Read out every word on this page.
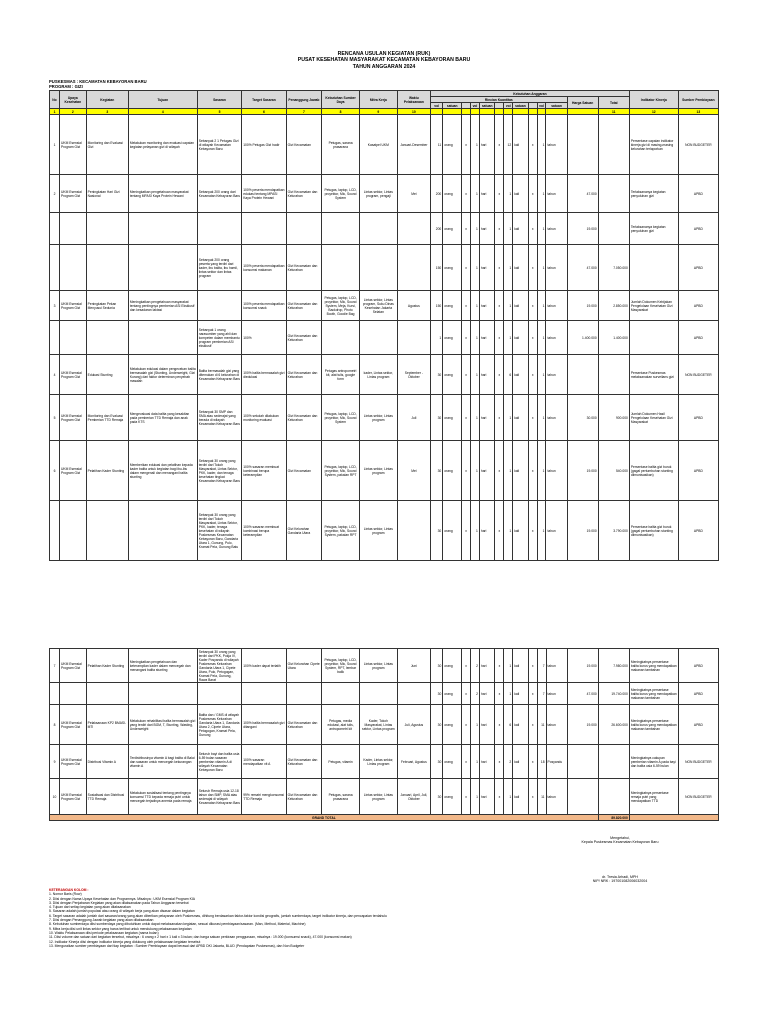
RENCANA USULAN KEGIATAN (RUK)
PUSAT KESEHATAN MASYARAKAT KECAMATAN KEBAYORAN BARU
TAHUN ANGGARAN 2024
PUSKESMAS : KECAMATAN KEBAYORAN BARU
PROGRAM : GIZI
No	Upaya Kesehatan	Kegiatan	Tujuan	Sasaran	Target Sasaran	Penanggung Jawab	Kebutuhan Sumber Daya	Mitra Kerja	Waktu Pelaksanaan	Kebutuhan Anggaran													Indikator Kinerja	Sumber Pembiayaan
										Rincian Kuantitas											Harga Satuan	Total		
										vol	satuan		vol	satuan		vol	satuan		vol	satuan				
1	2	3	4	5	6	7	8	9	10													11	12	13
1	UKM Esensial Program Gizi	Monitoring dan Evaluasi Gizi	Melakukan monitoring dan evaluasi capaian kegiatan pelayanan gizi di wilayah	Sebanyak 2 1 Petugas Gizi di wilayah Kecamatan Kebayoran Baru	100% Petugas Gizi hadir	Gizi Kecamatan	Petugas, sarana prasarana	Kasatpel UKM	Januari-Desember	11	orang	x	1	hari	x	12	kali	x	1	tahun			Persentase capaian indikator kinerja gizi di masing-masing kelurahan terlaporkan	NON BUDGETER
2	UKM Esensial Program Gizi	Peningkatan Hari Gizi Nasional	Meningkatkan pengetahuan masyarakat tentang MPASI Kaya Protein Hewani	Sebanyak 200 orang dari Kecamatan Kebayoran Baru	100% peserta mendapatkan edukasi tentang MPASI Kaya Protein Hewani	Gizi Kecamatan dan Kelurahan	Petugas, laptop, LCD, proyektor, Mic, Sound System	Lintas sektor, Lintas program, pengaji	Mei	200	orang	x	1	hari	x	1	kali	x	1	tahun	47.000		Terlaksananya kegiatan penyuluhan gizi	APBD
										200	orang	x	1	hari	x	1	kali	x	1	tahun	19.000		Terlaksananya kegiatan penyuluhan gizi	APBD
				Sebanyak 200 orang peserta yang terdiri dari kader, ibu balita, ibu hamil, lintas sektor dan lintas program	100% peserta mendapatkan konsumsi makanan	Gizi Kecamatan dan Kelurahan				150	orang	x	1	hari	x	1	kali	x	1	tahun	47.000	7.050.000		APBD
3	UKM Esensial Program Gizi	Peningkatan Pekan Menyusui Sedunia	Meningkatkan pengetahuan masyarakat tentang pentingnya pemberian ASI Eksklusif dan kesadaran laktasi		100% peserta mendapatkan konsumsi snack	Gizi Kecamatan dan Kelurahan	Petugas, laptop, LCD, proyektor, Mic, Sound System, Meja, Kursi, Backdrop, Photo Booth, Goodie Bag	Lintas sektor, Lintas program, Suku Dinas Kesehatan Jakarta Selatan	Agustus	150	orang	x	1	hari	x	1	kali	x	1	tahun	19.000	2.850.000	Jumlah Dokumen Kebijakan Pengelolaan Kesehatan Gizi Masyarakat	APBD
				Sebanyak 1 orang narasumber yang ahli dan kompeten dalam membantu program pemberian ASI eksklusif	100%	Gizi Kecamatan dan Kelurahan				1	orang	x	1	hari	x	1	kali	x	1	tahun	1.400.000	1.400.000		APBD
4	UKM Esensial Program Gizi	Edukasi Stunting	Melakukan edukasi dalam pengecekan balita bermasalah gizi (Stunting, Underweight, Gizi Kurang) dari faktor determinan penyebab masalah	Balita bermasalah gizi yang ditemukan di 6 kelurahan di Kecamatan Kebayoran Baru	100% balita bermasalah gizi diedukasi	Gizi Kecamatan dan Kelurahan	Petugas antropometri kit, alat tulis, google form	kader, Lintas sektor, Lintas program	September - Oktober	30	orang	x	1	hari	x	6	kali	x	1	tahun			Persentase Puskesmas melaksanakan surveilans gizi	NON BUDGETER
5	UKM Esensial Program Gizi	Monitoring dan Evaluasi Pemberian TTD Remaja	Mengevaluasi data balita yang kesakitan pada pemberian TTD Remaja dan anak pada KTS	Sebanyak 30 SMP dan SMA atau sederajat yang berada di wilayah Kecamatan Kebayoran Baru	100% sekolah dilakukan monitoring evaluasi	Gizi Kecamatan dan Kelurahan	Petugas, laptop, LCD, proyektor, Mic, Sound System	Lintas sektor, Lintas program	Juli	30	orang	x	1	hari	x	1	kali	x	1	tahun	30.000	900.000	Jumlah Dokumen Hasil Pengelolaan Kesehatan Gizi Masyarakat	APBD
6	UKM Esensial Program Gizi	Pelatihan Kader Stunting	Memberikan edukasi dan pelatihan kepada kader balita untuk kegiatan bagi ibu-ibu dalam mengenali dan menangani balita stunting	Sebanyak 30 orang yang terdiri dari Tokoh Masyarakat, Lintas Sektor, PKK, kader, dan tenaga kesehatan tingkat Kecamatan Kebayoran Baru	100% sasaran membuat kombinasi berupa keterampilan	Gizi Kecamatan	Petugas, laptop, LCD, proyektor, Mic, Sound System, pakaian RPT	Lintas sektor, Lintas program	Mei	30	orang	x	1	hari	x	1	kali	x	1	tahun	19.000	540.000	Persentase balita gizi buruk (gagal pertumbuhan stunting diimunisasikan)	APBD
				Sebanyak 30 orang yang terdiri dari Tokoh Masyarakat, Lintas Sektor, PKK, kader, tenaga kesehatan di wilayah Puskesmas Kecamatan Kebayoran Baru, Gandaria Utara 1, Gunung, Pulo, Kramat Pela, Gunung Batu	100% sasaran membuat kombinasi berupa keterampilan	Gizi Kelurahan Gandaria Utara	Petugas, laptop, LCD, proyektor, Mic, Sound System, pakaian RPT	Lintas sektor, Lintas program		30	orang	x	1	hari	x	1	kali	x	1	tahun	19.000	3.790.000	Persentase balita gizi buruk (gagal pertumbuhan stunting diimunisasikan)	APBD
7	UKM Esensial Program Gizi	Pelatihan Kader Stunting	Meningkatkan pengetahuan dan keterampilan kader dalam mencegah dan menangani balita stunting	Sebanyak 30 orang yang terdiri dari PKK, Pokja IV, Kader Posyandu di wilayah Puskesmas Kelurahan Gandaria Utara 1, Cipete Utara, Pulo, Petogogan, Kramat Pela, Gunung, Rawa Barat	100% kader dapat terlatih	Gizi Kelurahan Cipete Utara	Petugas, laptop, LCD, proyektor, Mic, Sound System, RPT, lembar balik	Lintas sektor, Lintas program	Juni	30	orang	x	2	hari	x	1	kali	x	7	tahun	19.000	7.980.000	Meningkatnya persentase balita kurus yang mendapatkan makanan tambahan	APBD
										30	orang	x	2	hari	x	1	kali	x	7	tahun	47.000	19.740.000	Meningkatnya persentase balita kurus yang mendapatkan makanan tambahan	APBD
8	UKM Esensial Program Gizi	Pelaksanaan KP2 BMASI-MTI	Melakukan rehabilitasi balita bermasalah gizi yang terdiri dari BGM, T, Stunting, Wasting, Underweight	Balita dan / GMS di wilayah Puskesmas Kelurahan Gandaria Utara 1, Gandaria Utara 2, Cipete Utara, Petogogan, Kramat Pela, Gunung	100% balita bermasalah gizi ditangani	Gizi Kecamatan dan Kelurahan	Petugas, media edukasi, alat tulis, antropometri kit	Kader, Tokoh Masyarakat, Lintas sektor, Lintas program	Juli, Agustus	30	orang	x	1	hari	x	6	kali	x	11	tahun	19.000	26.600.000	Meningkatnya persentase balita kurus yang mendapatkan makanan tambahan	APBD
9	UKM Esensial Program Gizi	Distribusi Vitamin A	Terdistribusinya vitamin A bagi balita di Balai dan sasaran untuk mencegah kekurangan vitamin A	Seluruh bayi dan balita usia 6-59 bulan sasaran pemberian vitamin A di wilayah Kecamatan Kebayoran Baru	100% sasaran mendapatkan vit A	Gizi Kecamatan dan Kelurahan	Petugas, vitamin	Kader, Lintas sektor, Lintas program	Februari, Agustus	30	orang	x	1	hari	x	2	kali	x	18	Posyandu			Meningkatnya cakupan pemberian vitamin A pada bayi dan balita usia 6-59 bulan	NON BUDGETER
10	UKM Esensial Program Gizi	Sosialisasi dan Distribusi TTD Remaja	Melakukan sosialisasi tentang pentingnya konsumsi TTD kepada remaja putri untuk mencegah terjadinya anemia pada remaja	Seluruh Remaja usia 12-18 tahun dan SMP, SMA atau sederajat di wilayah Kecamatan Kebayoran Baru	99% rematri mengkonsumsi TTD Remaja	Gizi Kecamatan dan Kelurahan	Petugas, sarana prasarana	Lintas sektor, Lintas program	Januari, April, Juli, Oktober	30	orang	x	1	hari	x	1	kali	x	11	tahun			Meningkatnya persentase remaja putri yang mendapatkan TTD	NON BUDGETER
GRAND TOTAL																						89.820.000		
Mengetahui,
Kepala Puskesmas Kecamatan Kebayoran Baru
dr. Tresia Arhadi, MPH
NIP/ NRK : 197001082006032004
KETERANGAN KOLOM :
1. Nomor Baris (Row)
2. Diisi dengan Nama Upaya Kesehatan dan Programnya. Misalnya : UKM Esensial Program KIA
3. Diisi dengan Penjabaran Kegiatan yang akan dilaksanakan pada Tahun Anggaran tersebut
4. Tujuan dari setiap kegiatan yang akan dilaksanakan
5. Sasaran adalah jumlah populasi atau orang di wilayah kerja yang akan disasar dalam kegiatan
6. Target sasaran adalah jumlah dari sasaran/orang yang akan diberikan pelayanan oleh Puskesmas, dihitung berdasarkan faktor-faktor kondisi geografis, jumlah sumberdaya, target indikator kinerja, dan pencapaian terdahulu
7. Diisi dengan Penanggung Jawab kegiatan yang akan dilaksanakan
8. Kebutuhan sumberdaya diisi sumberdaya yang dibutuhkan untuk dapat melaksanakan kegiatan, sesuai dikurasi pembiayaan/sasaran. (Man, Method, Material, Machine)
9. Mitra kerja diisi unit lintas sektor yang harus terlibat untuk mendukung pelaksanaan kegiatan
10. Waktu Pelaksanaan diisi periode pelaksanaan kegiatan (nama bulan)
11. Diisi volume dan satuan dari kegiatan tersebut, misalnya : 6 orang x 2 hari x 1 kali x 3 bulan; dan harga satuan perkiraan penggunaan, misalnya : 19.000 (konsumsi snack), 47.000 (konsumsi makan)
12. Indikator Kinerja diisi dengan indikator kinerja yang didukung oleh pelaksanaan kegiatan tersebut
13. Menguraikan sumber pembiayaan dari tiap kegiatan : Sumber Pembiayaan dapat berasal dari APBD DKI Jakarta, BLUD (Pendapatan Puskesmas), dan Non Budgeter
